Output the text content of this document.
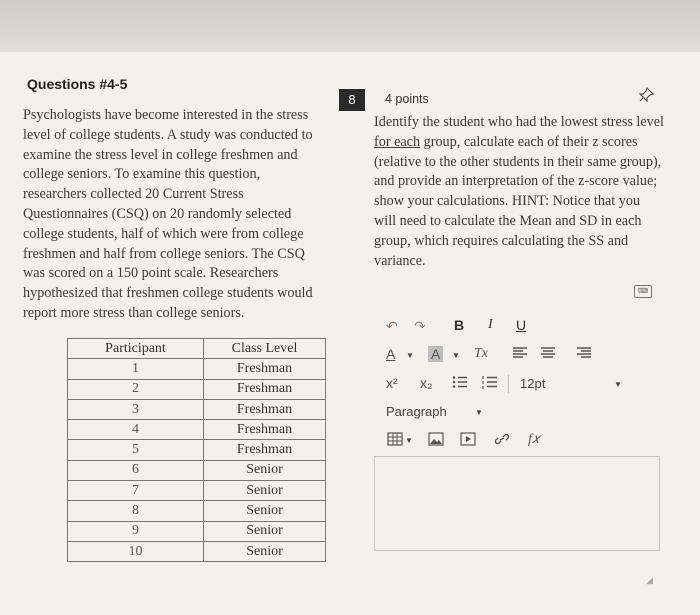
Questions #4-5
Psychologists have become interested in the stress level of college students. A study was conducted to examine the stress level in college freshmen and college seniors. To examine this question, researchers collected 20 Current Stress Questionnaires (CSQ) on 20 randomly selected college students, half of which were from college freshmen and half from college seniors. The CSQ was scored on a 150 point scale. Researchers hypothesized that freshmen college students would report more stress than college seniors.
Participant	Class Level
1	Freshman
2	Freshman
3	Freshman
4	Freshman
5	Freshman
6	Senior
7	Senior
8	Senior
9	Senior
10	Senior
8	4 points
Identify the student who had the lowest stress level for each group, calculate each of their z scores (relative to the other students in their same group), and provide an interpretation of the z-score value; show your calculations. HINT: Notice that you will need to calculate the Mean and SD in each group, which requires calculating the SS and variance.
⌨
↶ ↷ B I U
A ▼ A	▼ Tx
x² x₂	12pt	▼
Paragraph	▼
▼	f𝑥
◢
